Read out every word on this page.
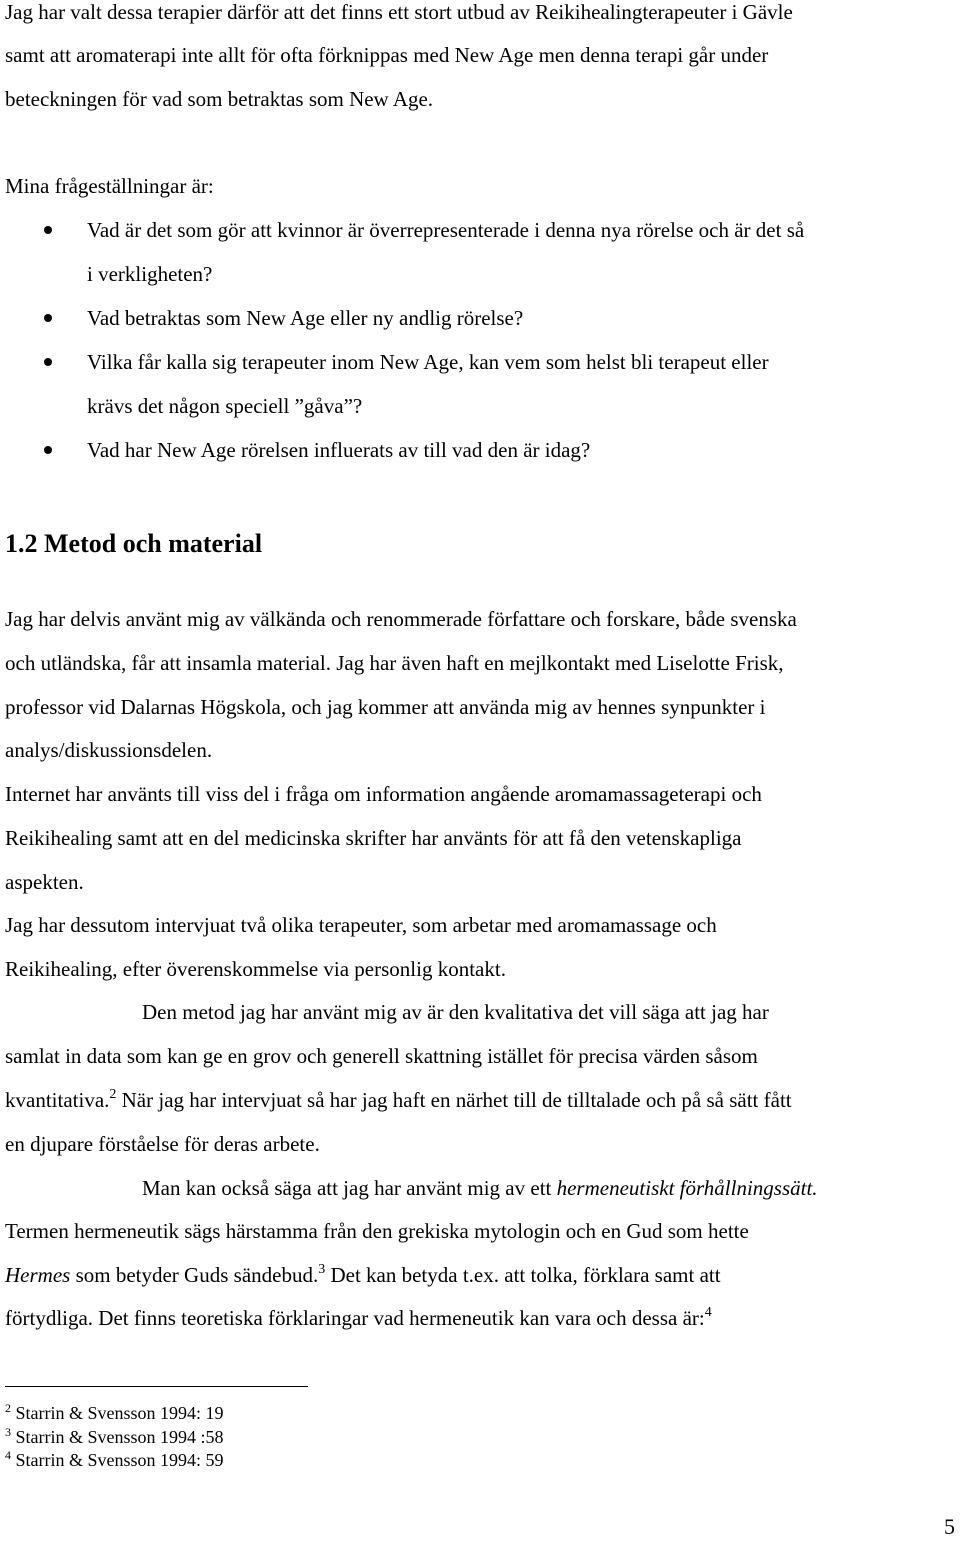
Jag har valt dessa terapier därför att det finns ett stort utbud av Reikihealingterapeuter i Gävle
samt att aromaterapi inte allt för ofta förknippas med New Age men denna terapi går under
beteckningen för vad som betraktas som New Age.
Mina frågeställningar är:
Vad är det som gör att kvinnor är överrepresenterade i denna nya rörelse och är det så
i verkligheten?
Vad betraktas som New Age eller ny andlig rörelse?
Vilka får kalla sig terapeuter inom New Age, kan vem som helst bli terapeut eller
krävs det någon speciell ”gåva”?
Vad har New Age rörelsen influerats av till vad den är idag?
1.2 Metod och material
Jag har delvis använt mig av välkända och renommerade författare och forskare, både svenska
och utländska, får att insamla material. Jag har även haft en mejlkontakt med Liselotte Frisk,
professor vid Dalarnas Högskola, och jag kommer att använda mig av hennes synpunkter i
analys/diskussionsdelen.
Internet har använts till viss del i fråga om information angående aromamassageterapi och
Reikihealing samt att en del medicinska skrifter har använts för att få den vetenskapliga
aspekten.
Jag har dessutom intervjuat två olika terapeuter, som arbetar med aromamassage och
Reikihealing, efter överenskommelse via personlig kontakt.
Den metod jag har använt mig av är den kvalitativa det vill säga att jag har
samlat in data som kan ge en grov och generell skattning istället för precisa värden såsom
kvantitativa.$^2$ När jag har intervjuat så har jag haft en närhet till de tilltalade och på så sätt fått
en djupare förståelse för deras arbete.
Man kan också säga att jag har använt mig av ett hermeneutiskt förhållningssätt.
Termen hermeneutik sägs härstamma från den grekiska mytologin och en Gud som hette
Hermes som betyder Guds sändebud.$^3$ Det kan betyda t.ex. att tolka, förklara samt att
förtydliga. Det finns teoretiska förklaringar vad hermeneutik kan vara och dessa är:$^4$
$^2$ Starrin & Svensson 1994: 19
$^3$ Starrin & Svensson 1994 :58
$^4$ Starrin & Svensson 1994: 59
5
